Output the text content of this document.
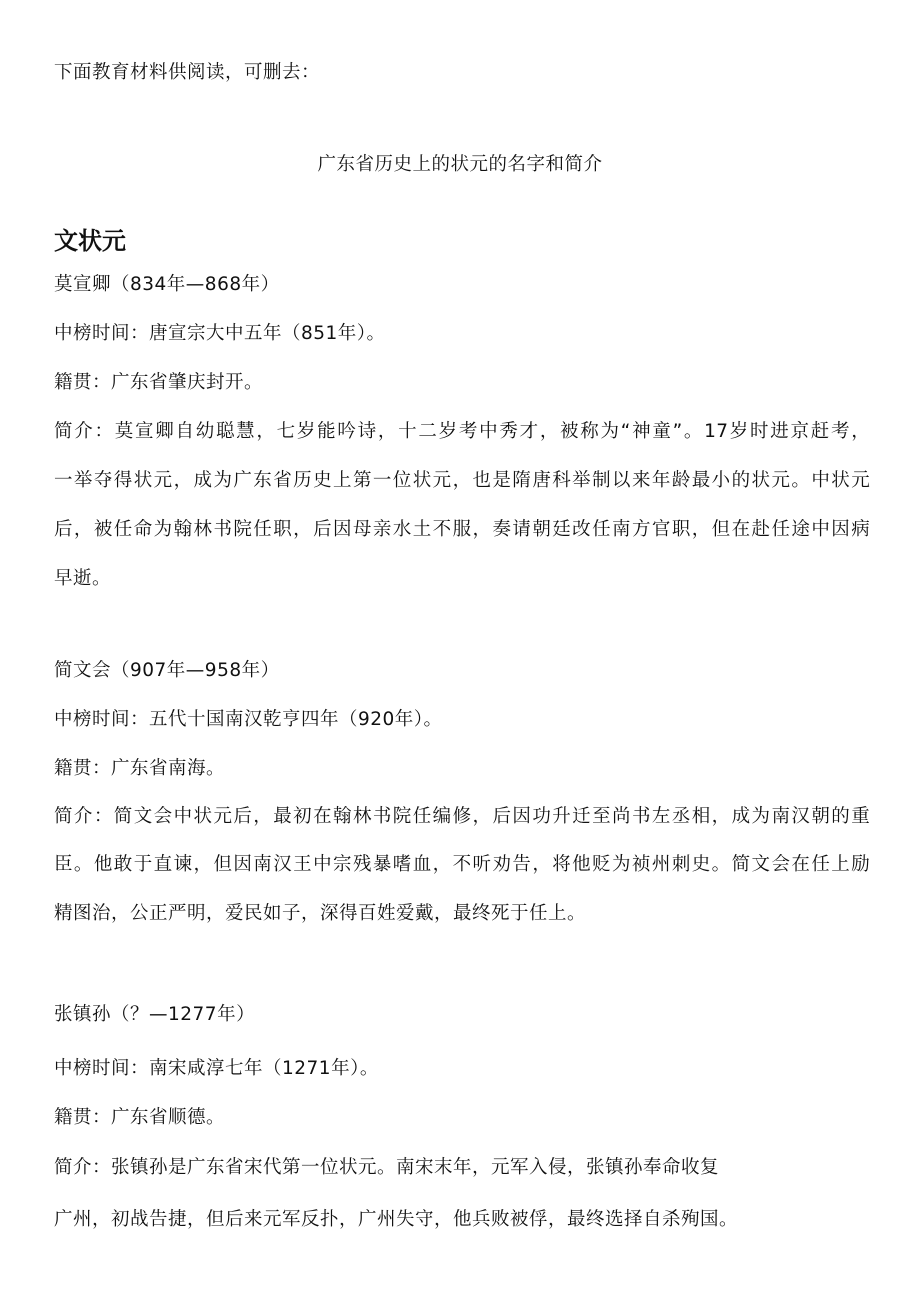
下面教育材料供阅读，可删去：

广东省历史上的状元的名字和简介

文状元

莫宣卿（834年—868年）

中榜时间：唐宣宗大中五年（851年）。

籍贯：广东省肇庆封开。

简介：莫宣卿自幼聪慧，七岁能吟诗，十二岁考中秀才，被称为“神童”。17岁时进京赶考，

一举夺得状元，成为广东省历史上第一位状元，也是隋唐科举制以来年龄最小的状元。中状元

后，被任命为翰林书院任职，后因母亲水土不服，奏请朝廷改任南方官职，但在赴任途中因病

早逝。

简文会（907年—958年）

中榜时间：五代十国南汉乾亨四年（920年）。

籍贯：广东省南海。

简介：简文会中状元后，最初在翰林书院任编修，后因功升迁至尚书左丞相，成为南汉朝的重

臣。他敢于直谏，但因南汉王中宗残暴嗜血，不听劝告，将他贬为祯州刺史。简文会在任上励

精图治，公正严明，爱民如子，深得百姓爱戴，最终死于任上。

张镇孙（？—1277年）

中榜时间：南宋咸淳七年（1271年）。

籍贯：广东省顺德。

简介：张镇孙是广东省宋代第一位状元。南宋末年，元军入侵，张镇孙奉命收复

广州，初战告捷，但后来元军反扑，广州失守，他兵败被俘，最终选择自杀殉国。
